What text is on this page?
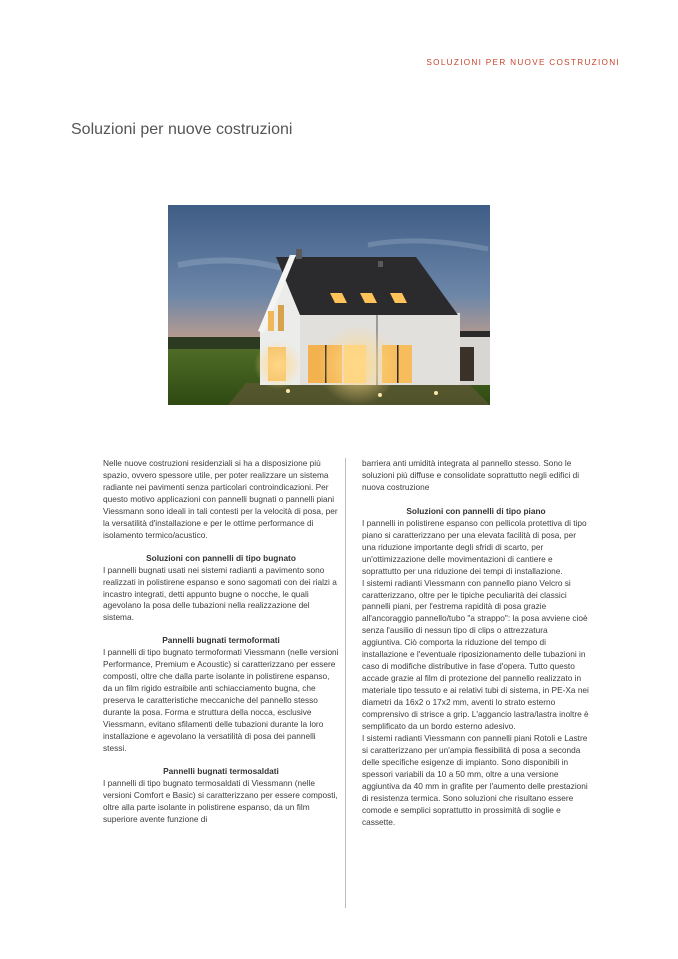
SOLUZIONI PER NUOVE COSTRUZIONI
Soluzioni per nuove costruzioni

Nelle nuove costruzioni residenziali si ha a disposizione più spazio, ovvero spessore utile, per poter realizzare un sistema radiante nei pavimenti senza particolari controindicazioni. Per questo motivo applicazioni con pannelli bugnati o pannelli piani Viessmann sono ideali in tali contesti per la velocità di posa, per la versatilità d'installazione e per le ottime performance di isolamento termico/acustico.

Soluzioni con pannelli di tipo bugnato

I pannelli bugnati usati nei sistemi radianti a pavimento sono realizzati in polistirene espanso e sono sagomati con dei rialzi a incastro integrati, detti appunto bugne o nocche, le quali agevolano la posa delle tubazioni nella realizzazione del sistema.

Pannelli bugnati termoformati

I pannelli di tipo bugnato termoformati Viessmann (nelle versioni Performance, Premium e Acoustic) si caratterizzano per essere composti, oltre che dalla parte isolante in polistirene espanso, da un film rigido estraibile anti schiacciamento bugna, che preserva le caratteristiche meccaniche del pannello stesso durante la posa. Forma e struttura della nocca, esclusive Viessmann, evitano sfilamenti delle tubazioni durante la loro installazione e agevolano la versatilità di posa dei pannelli stessi.

Pannelli bugnati termosaldati

I pannelli di tipo bugnato termosaldati di Viessmann (nelle versioni Comfort e Basic) si caratterizzano per essere composti, oltre alla parte isolante in polistirene espanso, da un film superiore avente funzione di

barriera anti umidità integrata al pannello stesso. Sono le soluzioni più diffuse e consolidate soprattutto negli edifici di nuova costruzione

Soluzioni con pannelli di tipo piano

I pannelli in polistirene espanso con pellicola protettiva di tipo piano si caratterizzano per una elevata facilità di posa, per una riduzione importante degli sfridi di scarto, per un'ottimizzazione delle movimentazioni di cantiere e soprattutto per una riduzione dei tempi di installazione.

I sistemi radianti Viessmann con pannello piano Velcro si caratterizzano, oltre per le tipiche peculiarità dei classici pannelli piani, per l'estrema rapidità di posa grazie all'ancoraggio pannello/tubo "a strappo": la posa avviene cioè senza l'ausilio di nessun tipo di clips o attrezzatura aggiuntiva. Ciò comporta la riduzione del tempo di installazione e l'eventuale riposizionamento delle tubazioni in caso di modifiche distributive in fase d'opera. Tutto questo accade grazie al film di protezione del pannello realizzato in materiale tipo tessuto e ai relativi tubi di sistema, in PE-Xa nei diametri da 16x2 o 17x2 mm, aventi lo strato esterno comprensivo di strisce a grip. L'aggancio lastra/lastra inoltre è semplificato da un bordo esterno adesivo.

I sistemi radianti Viessmann con pannelli piani Rotoli e Lastre si caratterizzano per un'ampia flessibilità di posa a seconda delle specifiche esigenze di impianto. Sono disponibili in spessori variabili da 10 a 50 mm, oltre a una versione aggiuntiva da 40 mm in grafite per l'aumento delle prestazioni di resistenza termica. Sono soluzioni che risultano essere comode e semplici soprattutto in prossimità di soglie e cassette.
